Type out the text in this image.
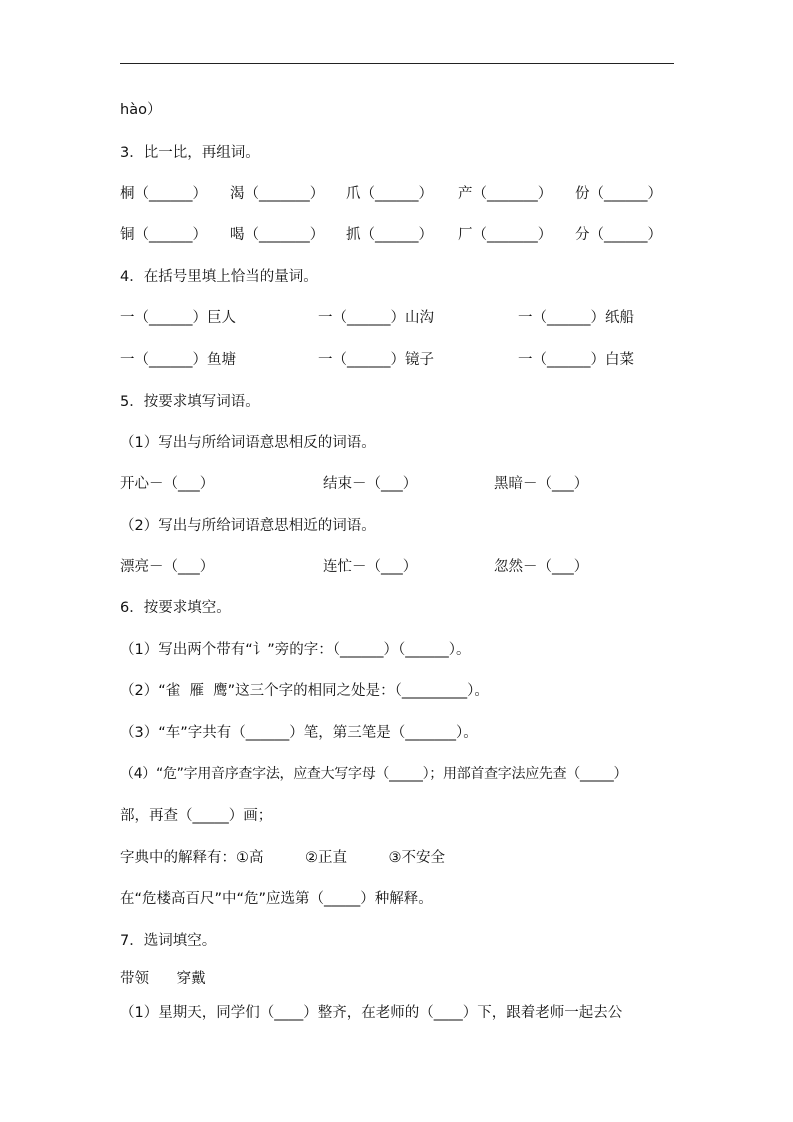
hào）
3．比一比，再组词。
桐（______） 渴（_______） 爪（______） 产（_______） 份（______）
铜（______） 喝（_______） 抓（______） 厂（_______） 分（______）
4．在括号里填上恰当的量词。
一（______）巨人	一（______）山沟	一（______）纸船
一（______）鱼塘	一（______）镜子	一（______）白菜
5．按要求填写词语。
（1）写出与所给词语意思相反的词语。
开心－（___）	结束－（___）	黑暗－（___）
（2）写出与所给词语意思相近的词语。
漂亮－（___）	连忙－（___）	忽然－（___）
6．按要求填空。
（1）写出两个带有“讠”旁的字：（______）（______）。
（2）“雀  雁  鹰”这三个字的相同之处是：（_________）。
（3）“车”字共有（______）笔，第三笔是（_______）。
（4）“危”字用音序查字法，应查大写字母（_____）；用部首查字法应先查（_____）
部，再查（_____）画；
字典中的解释有：①高         ②正直         ③不安全
在“危楼高百尺”中“危”应选第（_____）种解释。
7．选词填空。
带领      穿戴
（1）星期天，同学们（____）整齐，在老师的（____）下，跟着老师一起去公
